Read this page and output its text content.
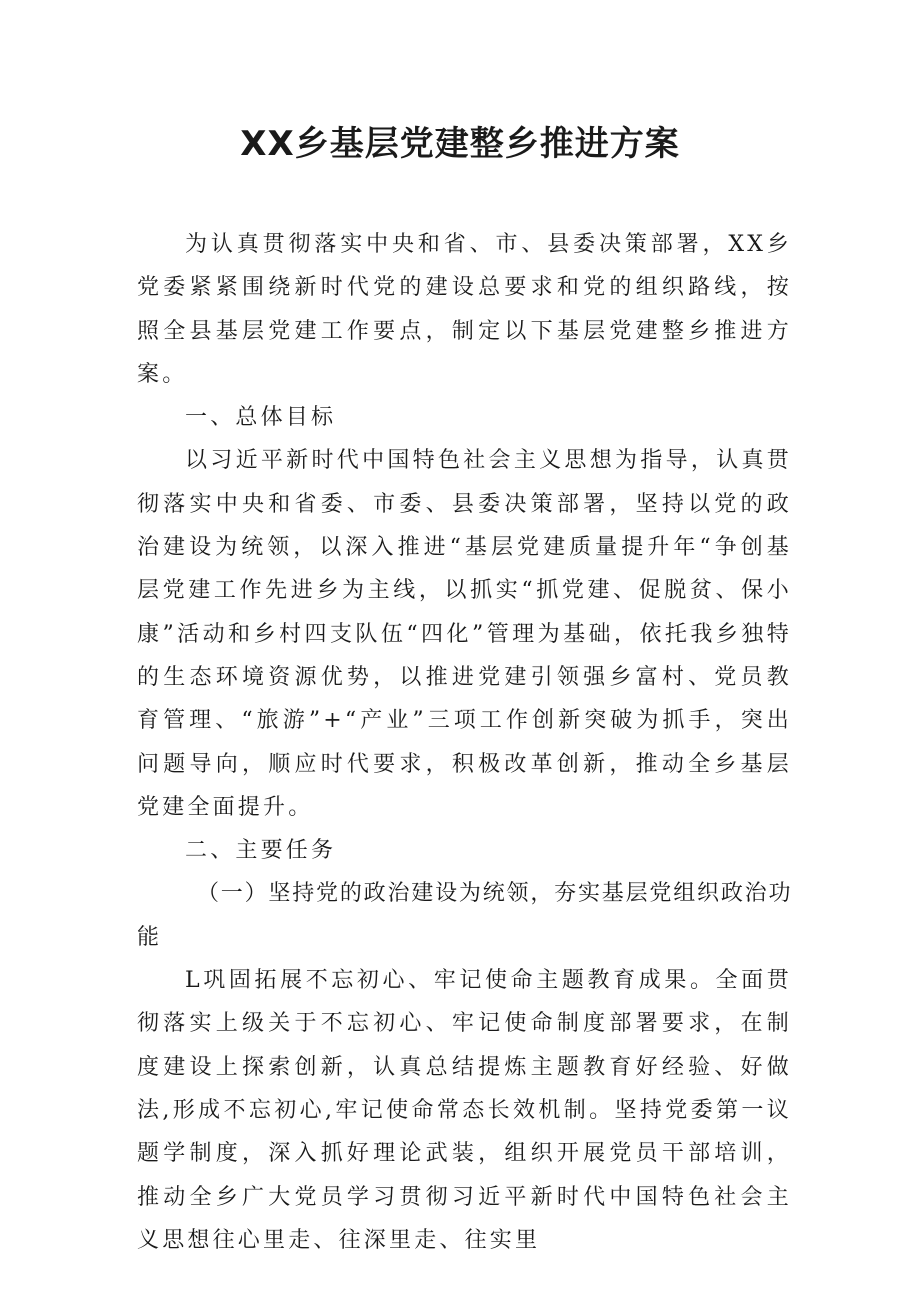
XX乡基层党建整乡推进方案

为认真贯彻落实中央和省、市、县委决策部署，XX乡党委紧紧围绕新时代党的建设总要求和党的组织路线，按照全县基层党建工作要点，制定以下基层党建整乡推进方案。

一、总体目标

以习近平新时代中国特色社会主义思想为指导，认真贯彻落实中央和省委、市委、县委决策部署，坚持以党的政治建设为统领，以深入推进“基层党建质量提升年“争创基层党建工作先进乡为主线，以抓实“抓党建、促脱贫、保小康”活动和乡村四支队伍“四化”管理为基础，依托我乡独特的生态环境资源优势，以推进党建引领强乡富村、党员教育管理、“旅游”+“产业”三项工作创新突破为抓手，突出问题导向，顺应时代要求，积极改革创新，推动全乡基层党建全面提升。

二、主要任务

（一）坚持党的政治建设为统领，夯实基层党组织政治功能

L巩固拓展不忘初心、牢记使命主题教育成果。全面贯彻落实上级关于不忘初心、牢记使命制度部署要求，在制度建设上探索创新，认真总结提炼主题教育好经验、好做法,形成不忘初心,牢记使命常态长效机制。坚持党委第一议题学制度，深入抓好理论武装，组织开展党员干部培训，推动全乡广大党员学习贯彻习近平新时代中国特色社会主义思想往心里走、往深里走、往实里
